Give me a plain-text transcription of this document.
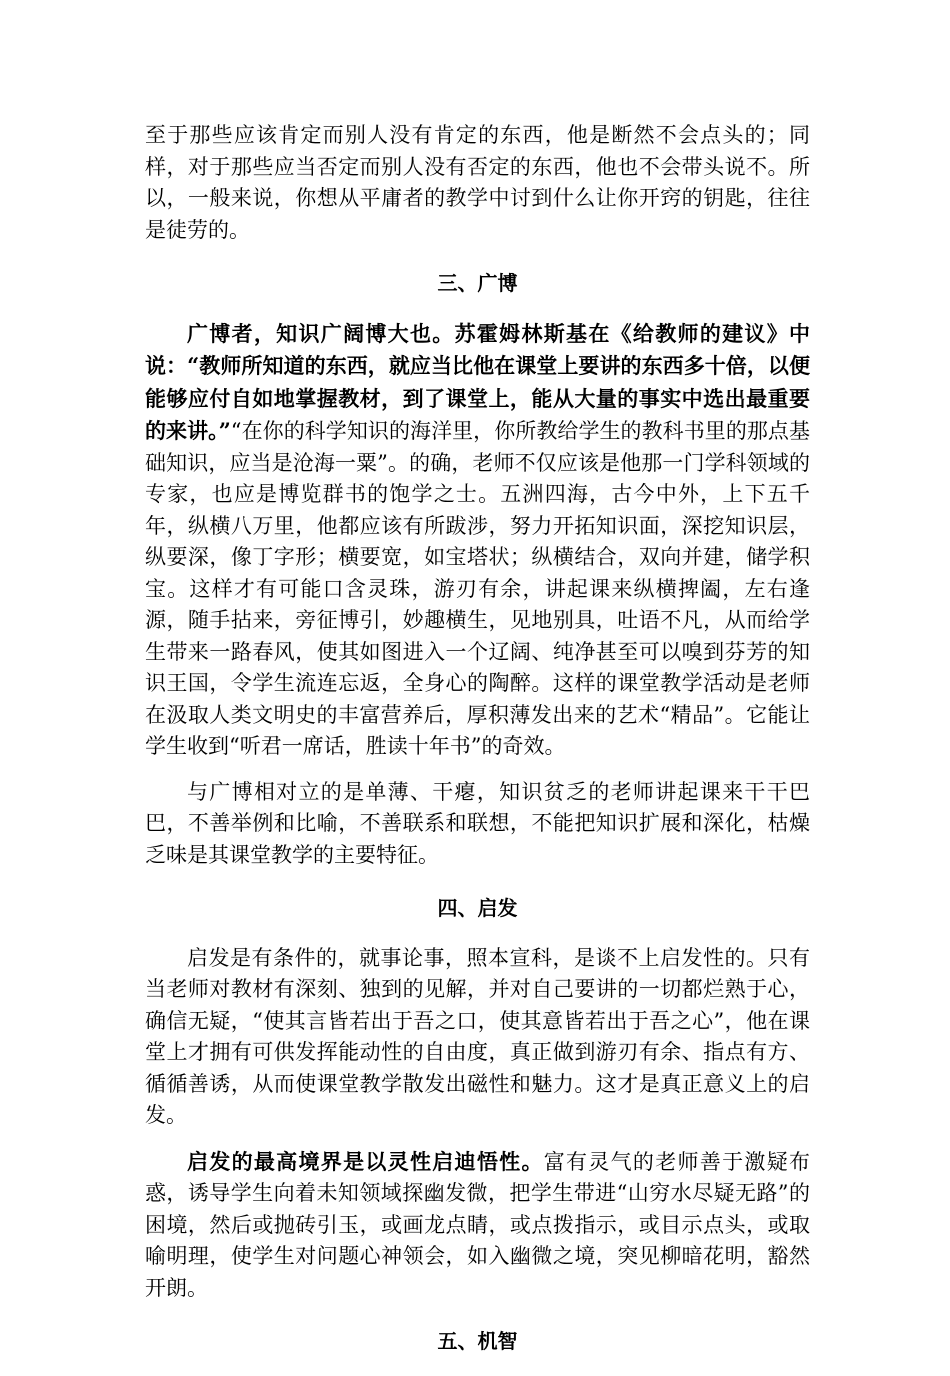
至于那些应该肯定而别人没有肯定的东西，他是断然不会点头的；同样，对于那些应当否定而别人没有否定的东西，他也不会带头说不。所以，一般来说，你想从平庸者的教学中讨到什么让你开窍的钥匙，往往是徒劳的。

三、广博

广博者，知识广阔博大也。苏霍姆林斯基在《给教师的建议》中说：“教师所知道的东西，就应当比他在课堂上要讲的东西多十倍，以便能够应付自如地掌握教材，到了课堂上，能从大量的事实中选出最重要的来讲。”“在你的科学知识的海洋里，你所教给学生的教科书里的那点基础知识，应当是沧海一粟”。的确，老师不仅应该是他那一门学科领域的专家，也应是博览群书的饱学之士。五洲四海，古今中外，上下五千年，纵横八万里，他都应该有所跋涉，努力开拓知识面，深挖知识层，纵要深，像丁字形；横要宽，如宝塔状；纵横结合，双向并建，储学积宝。这样才有可能口含灵珠，游刃有余，讲起课来纵横捭阖，左右逢源，随手拈来，旁征博引，妙趣横生，见地别具，吐语不凡，从而给学生带来一路春风，使其如图进入一个辽阔、纯净甚至可以嗅到芬芳的知识王国，令学生流连忘返，全身心的陶醉。这样的课堂教学活动是老师在汲取人类文明史的丰富营养后，厚积薄发出来的艺术“精品”。它能让学生收到“听君一席话，胜读十年书”的奇效。

与广博相对立的是单薄、干瘪，知识贫乏的老师讲起课来干干巴巴，不善举例和比喻，不善联系和联想，不能把知识扩展和深化，枯燥乏味是其课堂教学的主要特征。

四、启发

启发是有条件的，就事论事，照本宣科，是谈不上启发性的。只有当老师对教材有深刻、独到的见解，并对自己要讲的一切都烂熟于心，确信无疑，“使其言皆若出于吾之口，使其意皆若出于吾之心”，他在课堂上才拥有可供发挥能动性的自由度，真正做到游刃有余、指点有方、循循善诱，从而使课堂教学散发出磁性和魅力。这才是真正意义上的启发。

启发的最高境界是以灵性启迪悟性。富有灵气的老师善于激疑布惑，诱导学生向着未知领域探幽发微，把学生带进“山穷水尽疑无路”的困境，然后或抛砖引玉，或画龙点睛，或点拨指示，或目示点头，或取喻明理，使学生对问题心神领会，如入幽微之境，突见柳暗花明，豁然开朗。

五、机智
